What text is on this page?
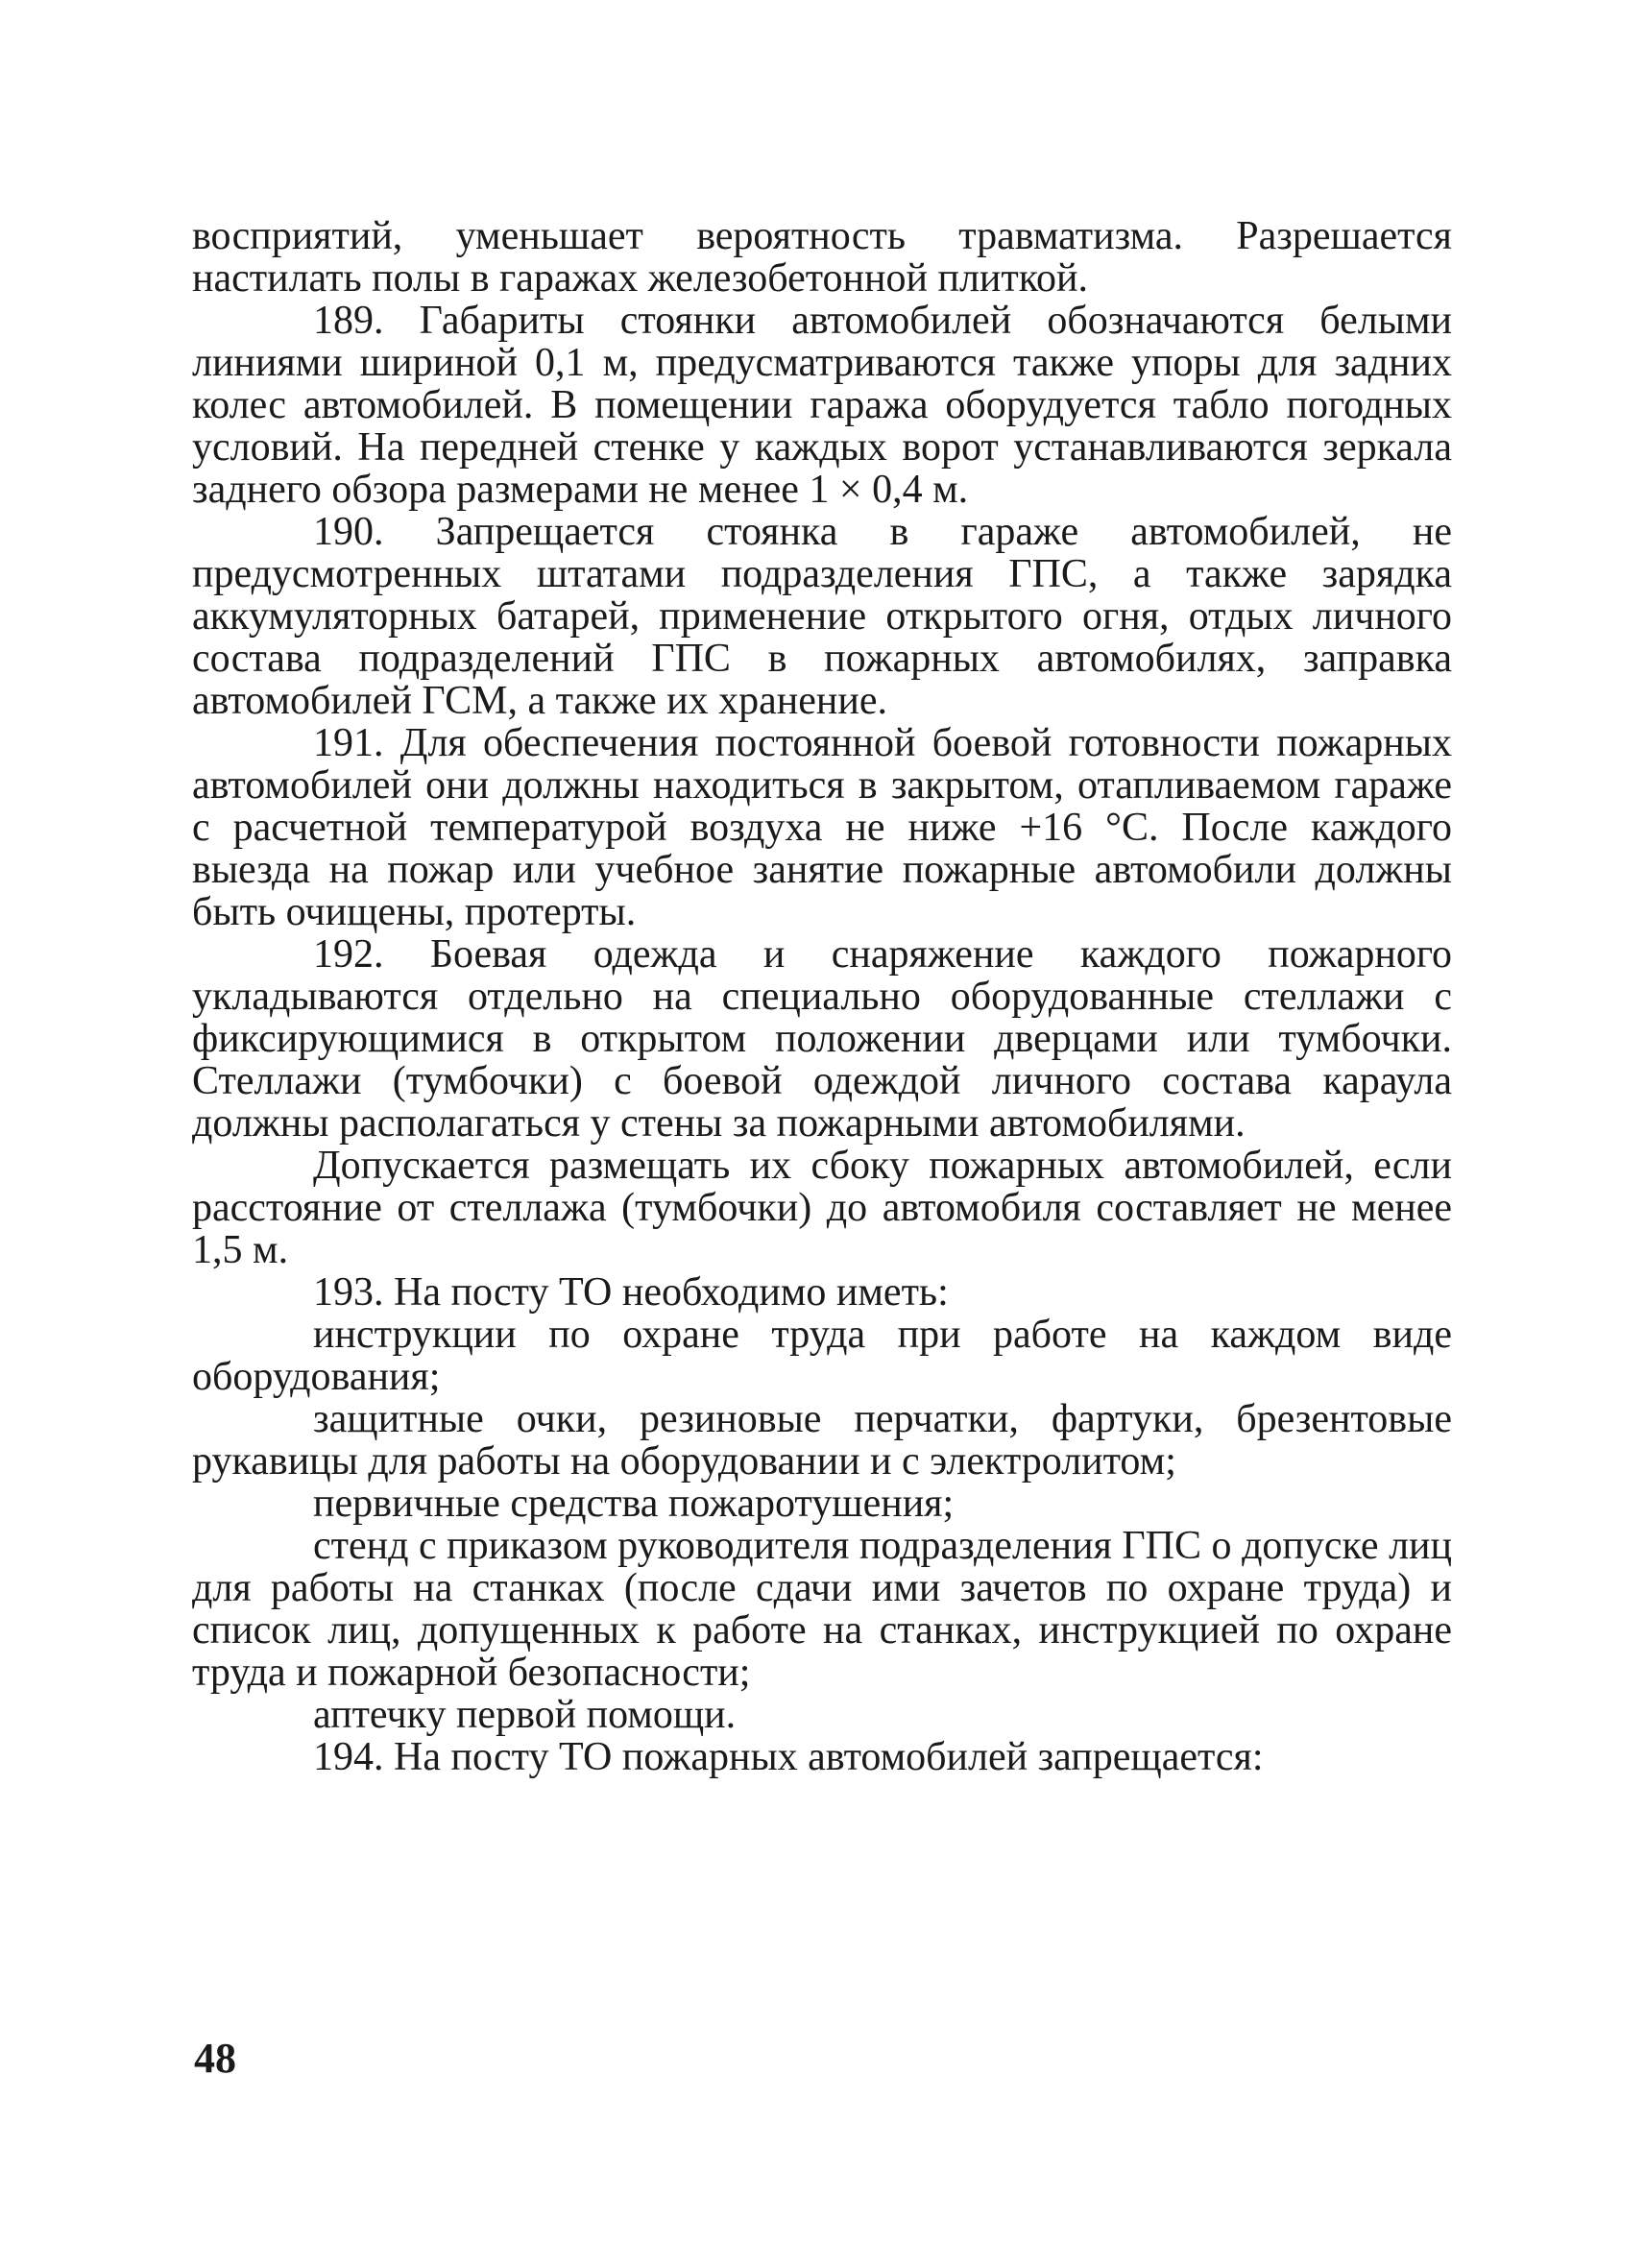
восприятий, уменьшает вероятность травматизма. Разрешается настилать полы в гаражах железобетонной плиткой.

189. Габариты стоянки автомобилей обозначаются белыми линиями шириной 0,1 м, предусматриваются также упоры для задних колес автомобилей. В помещении гаража оборудуется табло погодных условий. На передней стенке у каждых ворот устанавливаются зеркала заднего обзора размерами не менее 1 × 0,4 м.

190. Запрещается стоянка в гараже автомобилей, не предусмотренных штатами подразделения ГПС, а также зарядка аккумуляторных батарей, применение открытого огня, отдых личного состава подразделений ГПС в пожарных автомобилях, заправка автомобилей ГСМ, а также их хранение.

191. Для обеспечения постоянной боевой готовности пожарных автомобилей они должны находиться в закрытом, отапливаемом гараже с расчетной температурой воздуха не ниже +16 °С. После каждого выезда на пожар или учебное занятие пожарные автомобили должны быть очищены, протерты.

192. Боевая одежда и снаряжение каждого пожарного укладываются отдельно на специально оборудованные стеллажи с фиксирующимися в открытом положении дверцами или тумбочки. Стеллажи (тумбочки) с боевой одеждой личного состава караула должны располагаться у стены за пожарными автомобилями.

Допускается размещать их сбоку пожарных автомобилей, если расстояние от стеллажа (тумбочки) до автомобиля составляет не менее 1,5 м.

193. На посту ТО необходимо иметь:

инструкции по охране труда при работе на каждом виде оборудования;

защитные очки, резиновые перчатки, фартуки, брезентовые рукавицы для работы на оборудовании и с электролитом;

первичные средства пожаротушения;

стенд с приказом руководителя подразделения ГПС о допуске лиц для работы на станках (после сдачи ими зачетов по охране труда) и список лиц, допущенных к работе на станках, инструкцией по охране труда и пожарной безопасности;

аптечку первой помощи.

194. На посту ТО пожарных автомобилей запрещается:

48
